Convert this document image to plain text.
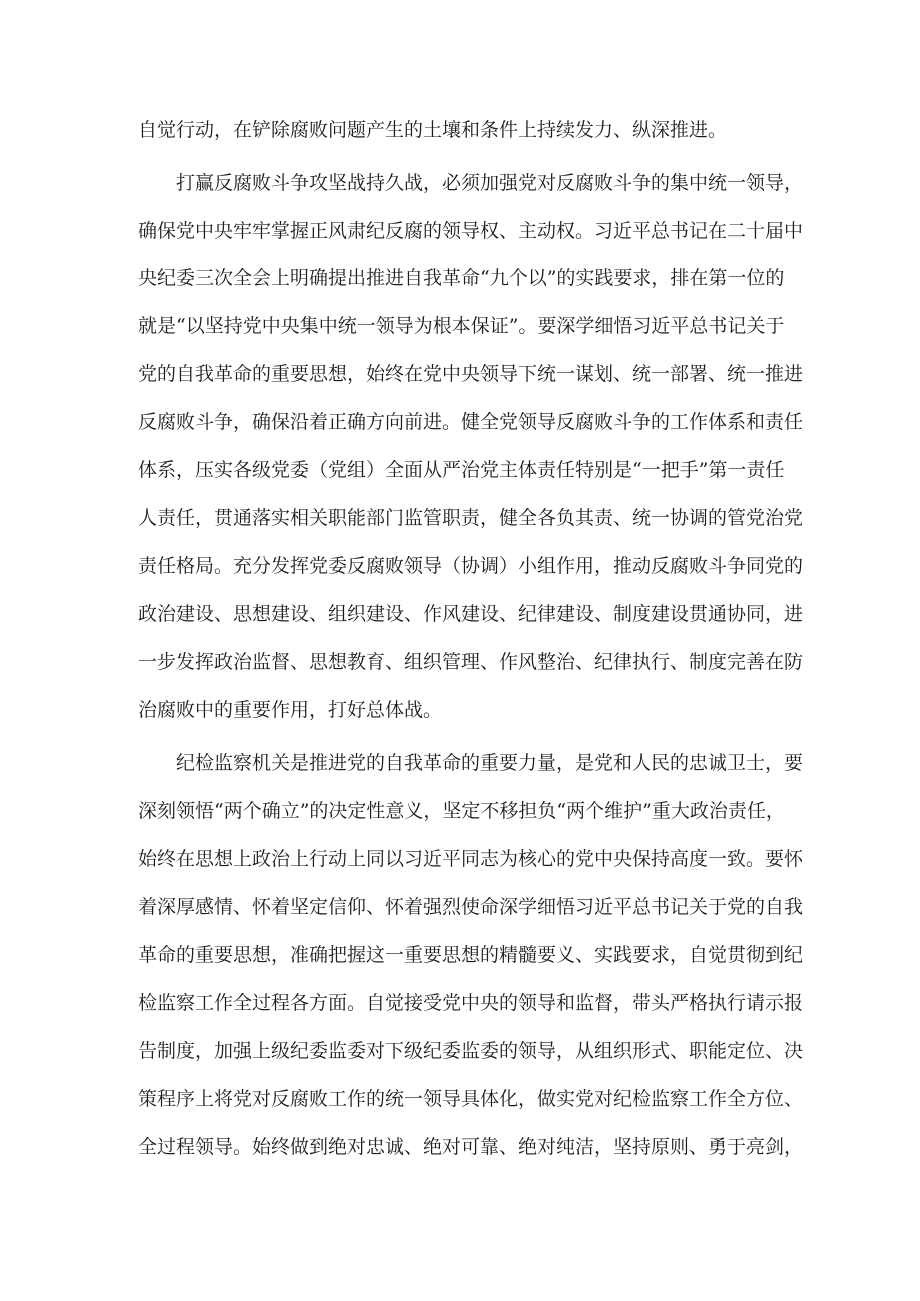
自觉行动，在铲除腐败问题产生的土壤和条件上持续发力、纵深推进。
打赢反腐败斗争攻坚战持久战，必须加强党对反腐败斗争的集中统一领导，
确保党中央牢牢掌握正风肃纪反腐的领导权、主动权。习近平总书记在二十届中
央纪委三次全会上明确提出推进自我革命“九个以”的实践要求，排在第一位的
就是“以坚持党中央集中统一领导为根本保证”。要深学细悟习近平总书记关于
党的自我革命的重要思想，始终在党中央领导下统一谋划、统一部署、统一推进
反腐败斗争，确保沿着正确方向前进。健全党领导反腐败斗争的工作体系和责任
体系，压实各级党委（党组）全面从严治党主体责任特别是“一把手”第一责任
人责任，贯通落实相关职能部门监管职责，健全各负其责、统一协调的管党治党
责任格局。充分发挥党委反腐败领导（协调）小组作用，推动反腐败斗争同党的
政治建设、思想建设、组织建设、作风建设、纪律建设、制度建设贯通协同，进
一步发挥政治监督、思想教育、组织管理、作风整治、纪律执行、制度完善在防
治腐败中的重要作用，打好总体战。
纪检监察机关是推进党的自我革命的重要力量，是党和人民的忠诚卫士，要
深刻领悟“两个确立”的决定性意义，坚定不移担负“两个维护”重大政治责任，
始终在思想上政治上行动上同以习近平同志为核心的党中央保持高度一致。要怀
着深厚感情、怀着坚定信仰、怀着强烈使命深学细悟习近平总书记关于党的自我
革命的重要思想，准确把握这一重要思想的精髓要义、实践要求，自觉贯彻到纪
检监察工作全过程各方面。自觉接受党中央的领导和监督，带头严格执行请示报
告制度，加强上级纪委监委对下级纪委监委的领导，从组织形式、职能定位、决
策程序上将党对反腐败工作的统一领导具体化，做实党对纪检监察工作全方位、
全过程领导。始终做到绝对忠诚、绝对可靠、绝对纯洁，坚持原则、勇于亮剑，
